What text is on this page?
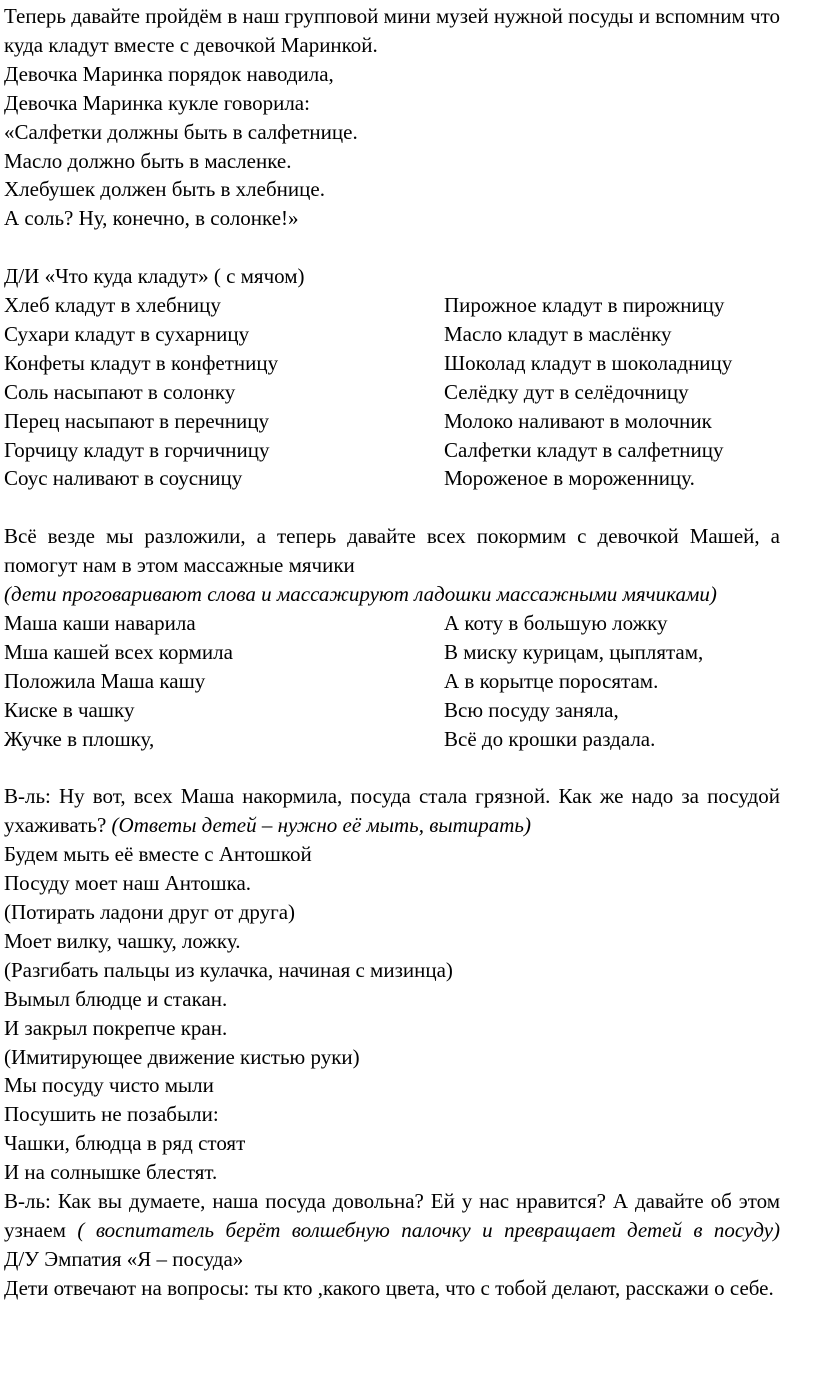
Теперь давайте пройдём в наш групповой мини музей нужной посуды и вспомним что куда кладут вместе с девочкой Маринкой.
Девочка Маринка порядок наводила,
Девочка Маринка кукле говорила:
«Салфетки должны быть в салфетнице.
Масло должно быть в масленке.
Хлебушек должен быть в хлебнице.
А соль? Ну, конечно, в солонке!»
Д/И «Что куда кладут» ( с мячом)
Хлеб кладут в хлебницу
Сухари кладут в сухарницу
Конфеты кладут в конфетницу
Соль насыпают в солонку
Перец насыпают в перечницу
Горчицу кладут в горчичницу
Соус наливают в соусницу
Пирожное кладут в пирожницу
Масло кладут в маслёнку
Шоколад кладут в шоколадницу
Селёдку дут в селёдочницу
Молоко наливают в молочник
Салфетки кладут в салфетницу
Мороженое в мороженницу.
Всё везде мы разложили, а теперь давайте всех покормим с девочкой Машей, а помогут нам в этом массажные мячики
(дети проговаривают слова и массажируют ладошки массажными мячиками)
Маша каши наварила
Мша кашей всех кормила
Положила Маша кашу
Киске в чашку
Жучке в плошку,
А коту в большую ложку
В миску курицам, цыплятам,
А в корытце поросятам.
Всю посуду заняла,
Всё до крошки раздала.
В-ль: Ну вот, всех Маша накормила, посуда стала грязной. Как же надо за посудой ухаживать? (Ответы детей – нужно её мыть, вытирать)
Будем мыть её вместе с Антошкой
Посуду моет наш Антошка.
(Потирать ладони друг от друга)
Моет вилку, чашку, ложку.
(Разгибать пальцы из кулачка, начиная с мизинца)
Вымыл блюдце и стакан.
И закрыл покрепче кран.
(Имитирующее движение кистью руки)
Мы посуду чисто мыли
Посушить не позабыли:
Чашки, блюдца в ряд стоят
И на солнышке блестят.
В-ль: Как вы думаете, наша посуда довольна? Ей у нас нравится? А давайте об этом узнаем ( воспитатель берёт волшебную палочку и превращает детей в посуду)
Д/У Эмпатия «Я – посуда»
Дети отвечают на вопросы: ты кто ,какого цвета, что с тобой делают, расскажи о себе.
